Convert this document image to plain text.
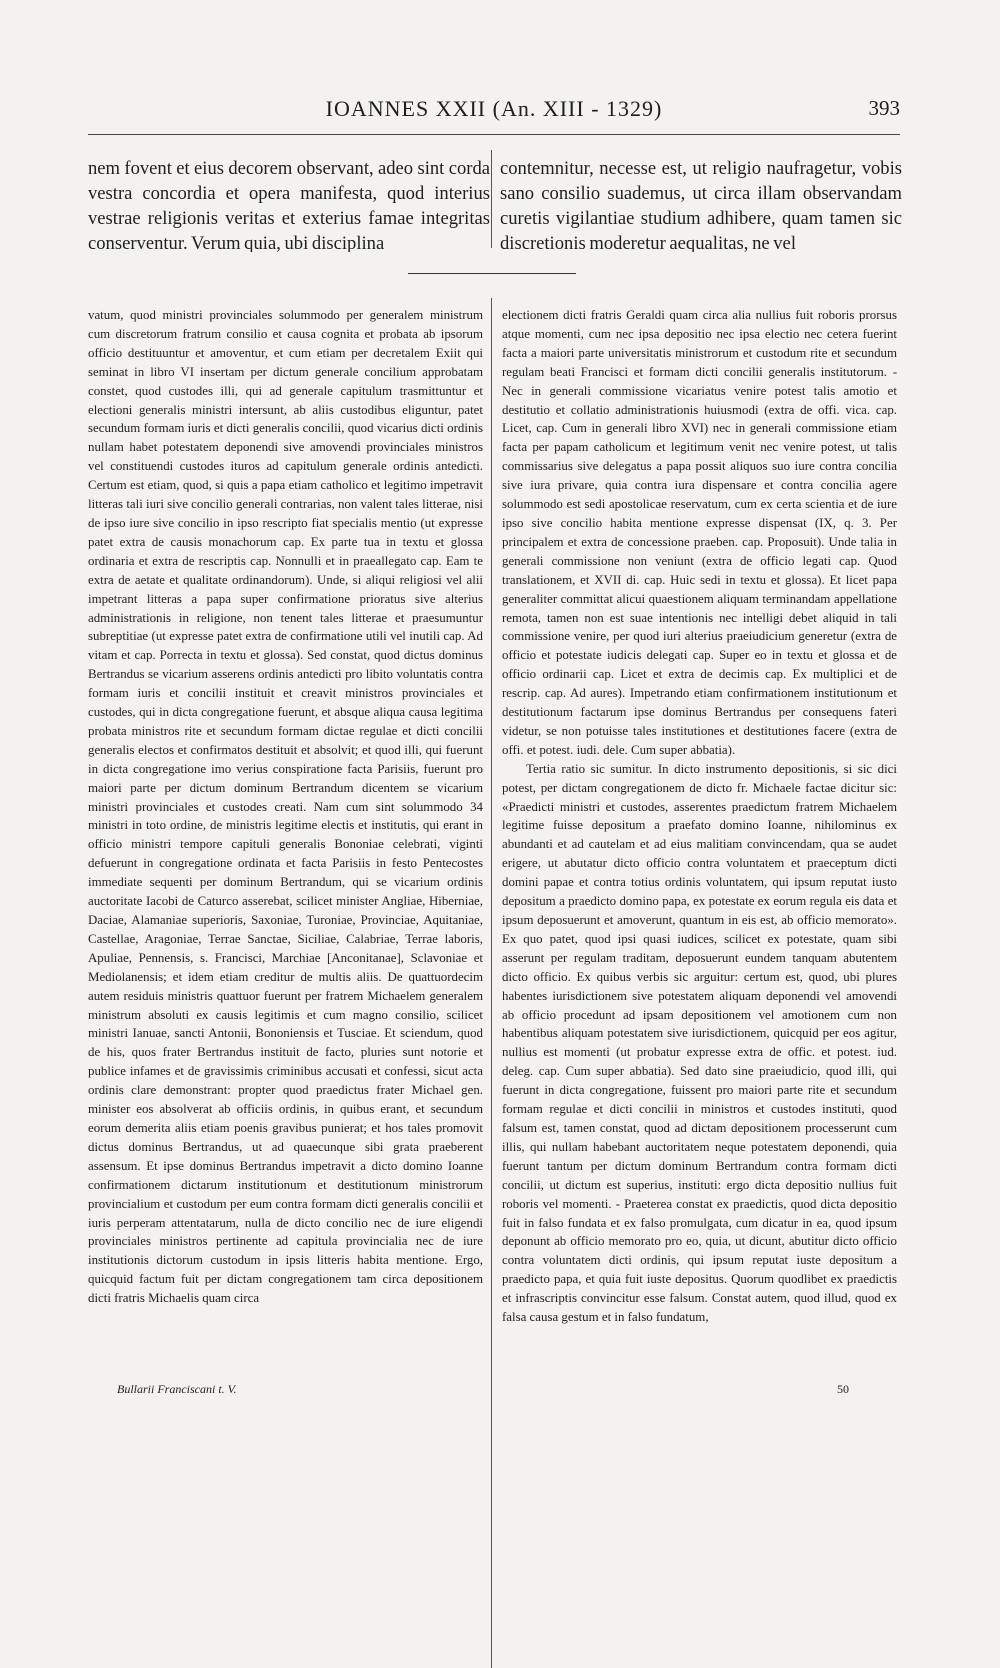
IOANNES XXII (An. XIII - 1329)	393
nem fovent et eius decorem observant, adeo sint corda vestra concordia et opera manifesta, quod interius vestrae religionis veritas et exterius famae integritas conserventur. Verum quia, ubi disciplina
contemnitur, necesse est, ut religio naufragetur, vobis sano consilio suademus, ut circa illam observandam curetis vigilantiae studium adhibere, quam tamen sic discretionis moderetur aequalitas, ne vel

vatum, quod ministri provinciales solummodo per generalem ministrum cum discretorum fratrum consilio et causa cognita et probata ab ipsorum officio destituuntur et amoventur, et cum etiam per decretalem Exiit qui seminat in libro VI insertam per dictum generale concilium approbatam constet, quod custodes illi, qui ad generale capitulum trasmittuntur et electioni generalis ministri intersunt, ab aliis custodibus eliguntur, patet secundum formam iuris et dicti generalis concilii, quod vicarius dicti ordinis nullam habet potestatem deponendi sive amovendi provinciales ministros vel constituendi custodes ituros ad capitulum generale ordinis antedicti. Certum est etiam, quod, si quis a papa etiam catholico et legitimo impetravit litteras tali iuri sive concilio generali contrarias, non valent tales litterae, nisi de ipso iure sive concilio in ipso rescripto fiat specialis mentio (ut expresse patet extra de causis monachorum cap. Ex parte tua in textu et glossa ordinaria et extra de rescriptis cap. Nonnulli et in praeallegato cap. Eam te extra de aetate et qualitate ordinandorum). Unde, si aliqui religiosi vel alii impetrant litteras a papa super confirmatione prioratus sive alterius administrationis in religione, non tenent tales litterae et praesumuntur subreptitiae (ut expresse patet extra de confirmatione utili vel inutili cap. Ad vitam et cap. Porrecta in textu et glossa). Sed constat, quod dictus dominus Bertrandus se vicarium asserens ordinis antedicti pro libito voluntatis contra formam iuris et concilii instituit et creavit ministros provinciales et custodes, qui in dicta congregatione fuerunt, et absque aliqua causa legitima probata ministros rite et secundum formam dictae regulae et dicti concilii generalis electos et confirmatos destituit et absolvit; et quod illi, qui fuerunt in dicta congregatione imo verius conspiratione facta Parisiis, fuerunt pro maiori parte per dictum dominum Bertrandum dicentem se vicarium ministri provinciales et custodes creati. Nam cum sint solummodo 34 ministri in toto ordine, de ministris legitime electis et institutis, qui erant in officio ministri tempore capituli generalis Bononiae celebrati, viginti defuerunt in congregatione ordinata et facta Parisiis in festo Pentecostes immediate sequenti per dominum Bertrandum, qui se vicarium ordinis auctoritate Iacobi de Caturco asserebat, scilicet minister Angliae, Hiberniae, Daciae, Alamaniae superioris, Saxoniae, Turoniae, Provinciae, Aquitaniae, Castellae, Aragoniae, Terrae Sanctae, Siciliae, Calabriae, Terrae laboris, Apuliae, Pennensis, s. Francisci, Marchiae [Anconitanae], Sclavoniae et Mediolanensis; et idem etiam creditur de multis aliis. De quattuordecim autem residuis ministris quattuor fuerunt per fratrem Michaelem generalem ministrum absoluti ex causis legitimis et cum magno consilio, scilicet ministri Ianuae, sancti Antonii, Bononiensis et Tusciae. Et sciendum, quod de his, quos frater Bertrandus instituit de facto, pluries sunt notorie et publice infames et de gravissimis criminibus accusati et confessi, sicut acta ordinis clare demonstrant: propter quod praedictus frater Michael gen. minister eos absolverat ab officiis ordinis, in quibus erant, et secundum eorum demerita aliis etiam poenis gravibus punierat; et hos tales promovit dictus dominus Bertrandus, ut ad quaecunque sibi grata praeberent assensum. Et ipse dominus Bertrandus impetravit a dicto domino Ioanne confirmationem dictarum institutionum et destitutionum ministrorum provincialium et custodum per eum contra formam dicti generalis concilii et iuris perperam attentatarum, nulla de dicto concilio nec de iure eligendi provinciales ministros pertinente ad capitula provincialia nec de iure institutionis dictorum custodum in ipsis litteris habita mentione. Ergo, quicquid factum fuit per dictam congregationem tam circa depositionem dicti fratris Michaelis quam circa

electionem dicti fratris Geraldi quam circa alia nullius fuit roboris prorsus atque momenti, cum nec ipsa depositio nec ipsa electio nec cetera fuerint facta a maiori parte universitatis ministrorum et custodum rite et secundum regulam beati Francisci et formam dicti concilii generalis institutorum. - Nec in generali commissione vicariatus venire potest talis amotio et destitutio et collatio administrationis huiusmodi (extra de offi. vica. cap. Licet, cap. Cum in generali libro XVI) nec in generali commissione etiam facta per papam catholicum et legitimum venit nec venire potest, ut talis commissarius sive delegatus a papa possit aliquos suo iure contra concilia sive iura privare, quia contra iura dispensare et contra concilia agere solummodo est sedi apostolicae reservatum, cum ex certa scientia et de iure ipso sive concilio habita mentione expresse dispensat (IX, q. 3. Per principalem et extra de concessione praeben. cap. Proposuit). Unde talia in generali commissione non veniunt (extra de officio legati cap. Quod translationem, et XVII di. cap. Huic sedi in textu et glossa). Et licet papa generaliter committat alicui quaestionem aliquam terminandam appellatione remota, tamen non est suae intentionis nec intelligi debet aliquid in tali commissione venire, per quod iuri alterius praeiudicium generetur (extra de officio et potestate iudicis delegati cap. Super eo in textu et glossa et de officio ordinarii cap. Licet et extra de decimis cap. Ex multiplici et de rescrip. cap. Ad aures). Impetrando etiam confirmationem institutionum et destitutionum factarum ipse dominus Bertrandus per consequens fateri videtur, se non potuisse tales institutiones et destitutiones facere (extra de offi. et potest. iudi. dele. Cum super abbatia).

Tertia ratio sic sumitur. In dicto instrumento depositionis, si sic dici potest, per dictam congregationem de dicto fr. Michaele factae dicitur sic: «Praedicti ministri et custodes, asserentes praedictum fratrem Michaelem legitime fuisse depositum a praefato domino Ioanne, nihilominus ex abundanti et ad cautelam et ad eius malitiam convincendam, qua se audet erigere, ut abutatur dicto officio contra voluntatem et praeceptum dicti domini papae et contra totius ordinis voluntatem, qui ipsum reputat iusto depositum a praedicto domino papa, ex potestate ex eorum regula eis data et ipsum deposuerunt et amoverunt, quantum in eis est, ab officio memorato». Ex quo patet, quod ipsi quasi iudices, scilicet ex potestate, quam sibi asserunt per regulam traditam, deposuerunt eundem tanquam abutentem dicto officio. Ex quibus verbis sic arguitur: certum est, quod, ubi plures habentes iurisdictionem sive potestatem aliquam deponendi vel amovendi ab officio procedunt ad ipsam depositionem vel amotionem cum non habentibus aliquam potestatem sive iurisdictionem, quicquid per eos agitur, nullius est momenti (ut probatur expresse extra de offic. et potest. iud. deleg. cap. Cum super abbatia). Sed dato sine praeiudicio, quod illi, qui fuerunt in dicta congregatione, fuissent pro maiori parte rite et secundum formam regulae et dicti concilii in ministros et custodes instituti, quod falsum est, tamen constat, quod ad dictam depositionem processerunt cum illis, qui nullam habebant auctoritatem neque potestatem deponendi, quia fuerunt tantum per dictum dominum Bertrandum contra formam dicti concilii, ut dictum est superius, instituti: ergo dicta depositio nullius fuit roboris vel momenti. - Praeterea constat ex praedictis, quod dicta depositio fuit in falso fundata et ex falso promulgata, cum dicatur in ea, quod ipsum deponunt ab officio memorato pro eo, quia, ut dicunt, abutitur dicto officio contra voluntatem dicti ordinis, qui ipsum reputat iuste depositum a praedicto papa, et quia fuit iuste depositus. Quorum quodlibet ex praedictis et infrascriptis convincitur esse falsum. Constat autem, quod illud, quod ex falsa causa gestum et in falso fundatum,

Bullarii Franciscani t. V.	50
